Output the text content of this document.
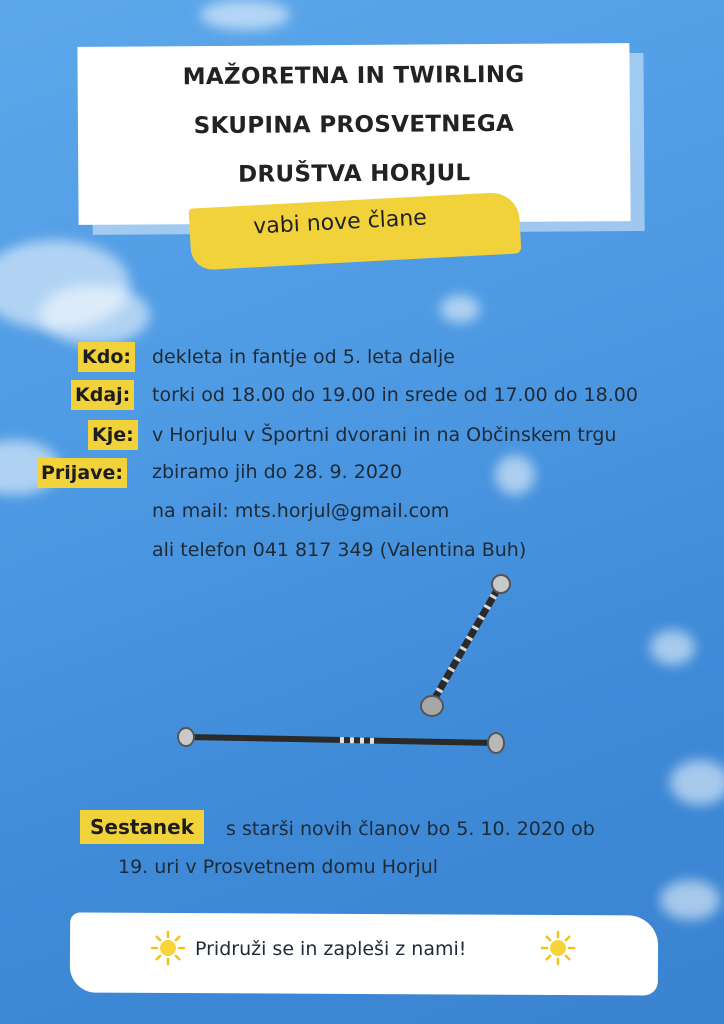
MAŽORETNA IN TWIRLING
SKUPINA PROSVETNEGA
DRUŠTVA HORJUL
vabi nove člane
Kdo: dekleta in fantje od 5. leta dalje
Kdaj: torki od 18.00 do 19.00 in srede od 17.00 do 18.00
Kje: v Horjulu v Športni dvorani in na Občinskem trgu
Prijave: zbiramo jih do 28. 9. 2020
na mail: mts.horjul@gmail.com
ali telefon 041 817 349 (Valentina Buh)
Sestanek	s starši novih članov bo 5. 10. 2020 ob
19. uri v Prosvetnem domu Horjul
Pridruži se in zapleši z nami!
